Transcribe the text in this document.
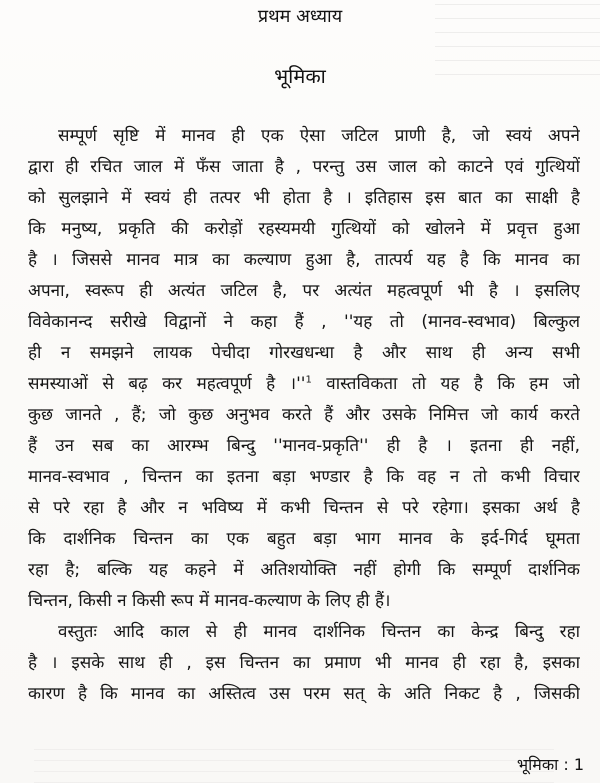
प्रथम अध्याय
भूमिका
सम्पूर्ण सृष्टि में मानव ही एक ऐसा जटिल प्राणी है, जो स्वयं अपने
द्वारा ही रचित जाल में फँस जाता है , परन्तु उस जाल को काटने एवं गुत्थियों
को सुलझाने में स्वयं ही तत्पर भी होता है । इतिहास इस बात का साक्षी है
कि मनुष्य, प्रकृति की करोड़ों रहस्यमयी गुत्थियों को खोलने में प्रवृत्त हुआ
है । जिससे मानव मात्र का कल्याण हुआ है, तात्पर्य यह है कि मानव का
अपना, स्वरूप ही अत्यंत जटिल है, पर अत्यंत महत्वपूर्ण भी है । इसलिए
विवेकानन्द सरीखे विद्वानों ने कहा हैं , ''यह तो (मानव-स्वभाव) बिल्कुल
ही न समझने लायक पेचीदा गोरखधन्धा है और साथ ही अन्य सभी
समस्याओं से बढ़ कर महत्वपूर्ण है $।''^1$ वास्तविकता तो यह है कि हम जो
कुछ जानते , हैं; जो कुछ अनुभव करते हैं और उसके निमित्त जो कार्य करते
हैं उन सब का आरम्भ बिन्दु ''मानव-प्रकृति'' ही है । इतना ही नहीं,
मानव-स्वभाव , चिन्तन का इतना बड़ा भण्डार है कि वह न तो कभी विचार
से परे रहा है और न भविष्य में कभी चिन्तन से परे रहेगा। इसका अर्थ है
कि दार्शनिक चिन्तन का एक बहुत बड़ा भाग मानव के इर्द-गिर्द घूमता
रहा है; बल्कि यह कहने में अतिशयोक्ति नहीं होगी कि सम्पूर्ण दार्शनिक
चिन्तन, किसी न किसी रूप में मानव-कल्याण के लिए ही हैं।
वस्तुतः आदि काल से ही मानव दार्शनिक चिन्तन का केन्द्र बिन्दु रहा
है । इसके साथ ही , इस चिन्तन का प्रमाण भी मानव ही रहा है, इसका
कारण है कि मानव का अस्तित्व उस परम सत् के अति निकट है , जिसकी
भूमिका : 1
